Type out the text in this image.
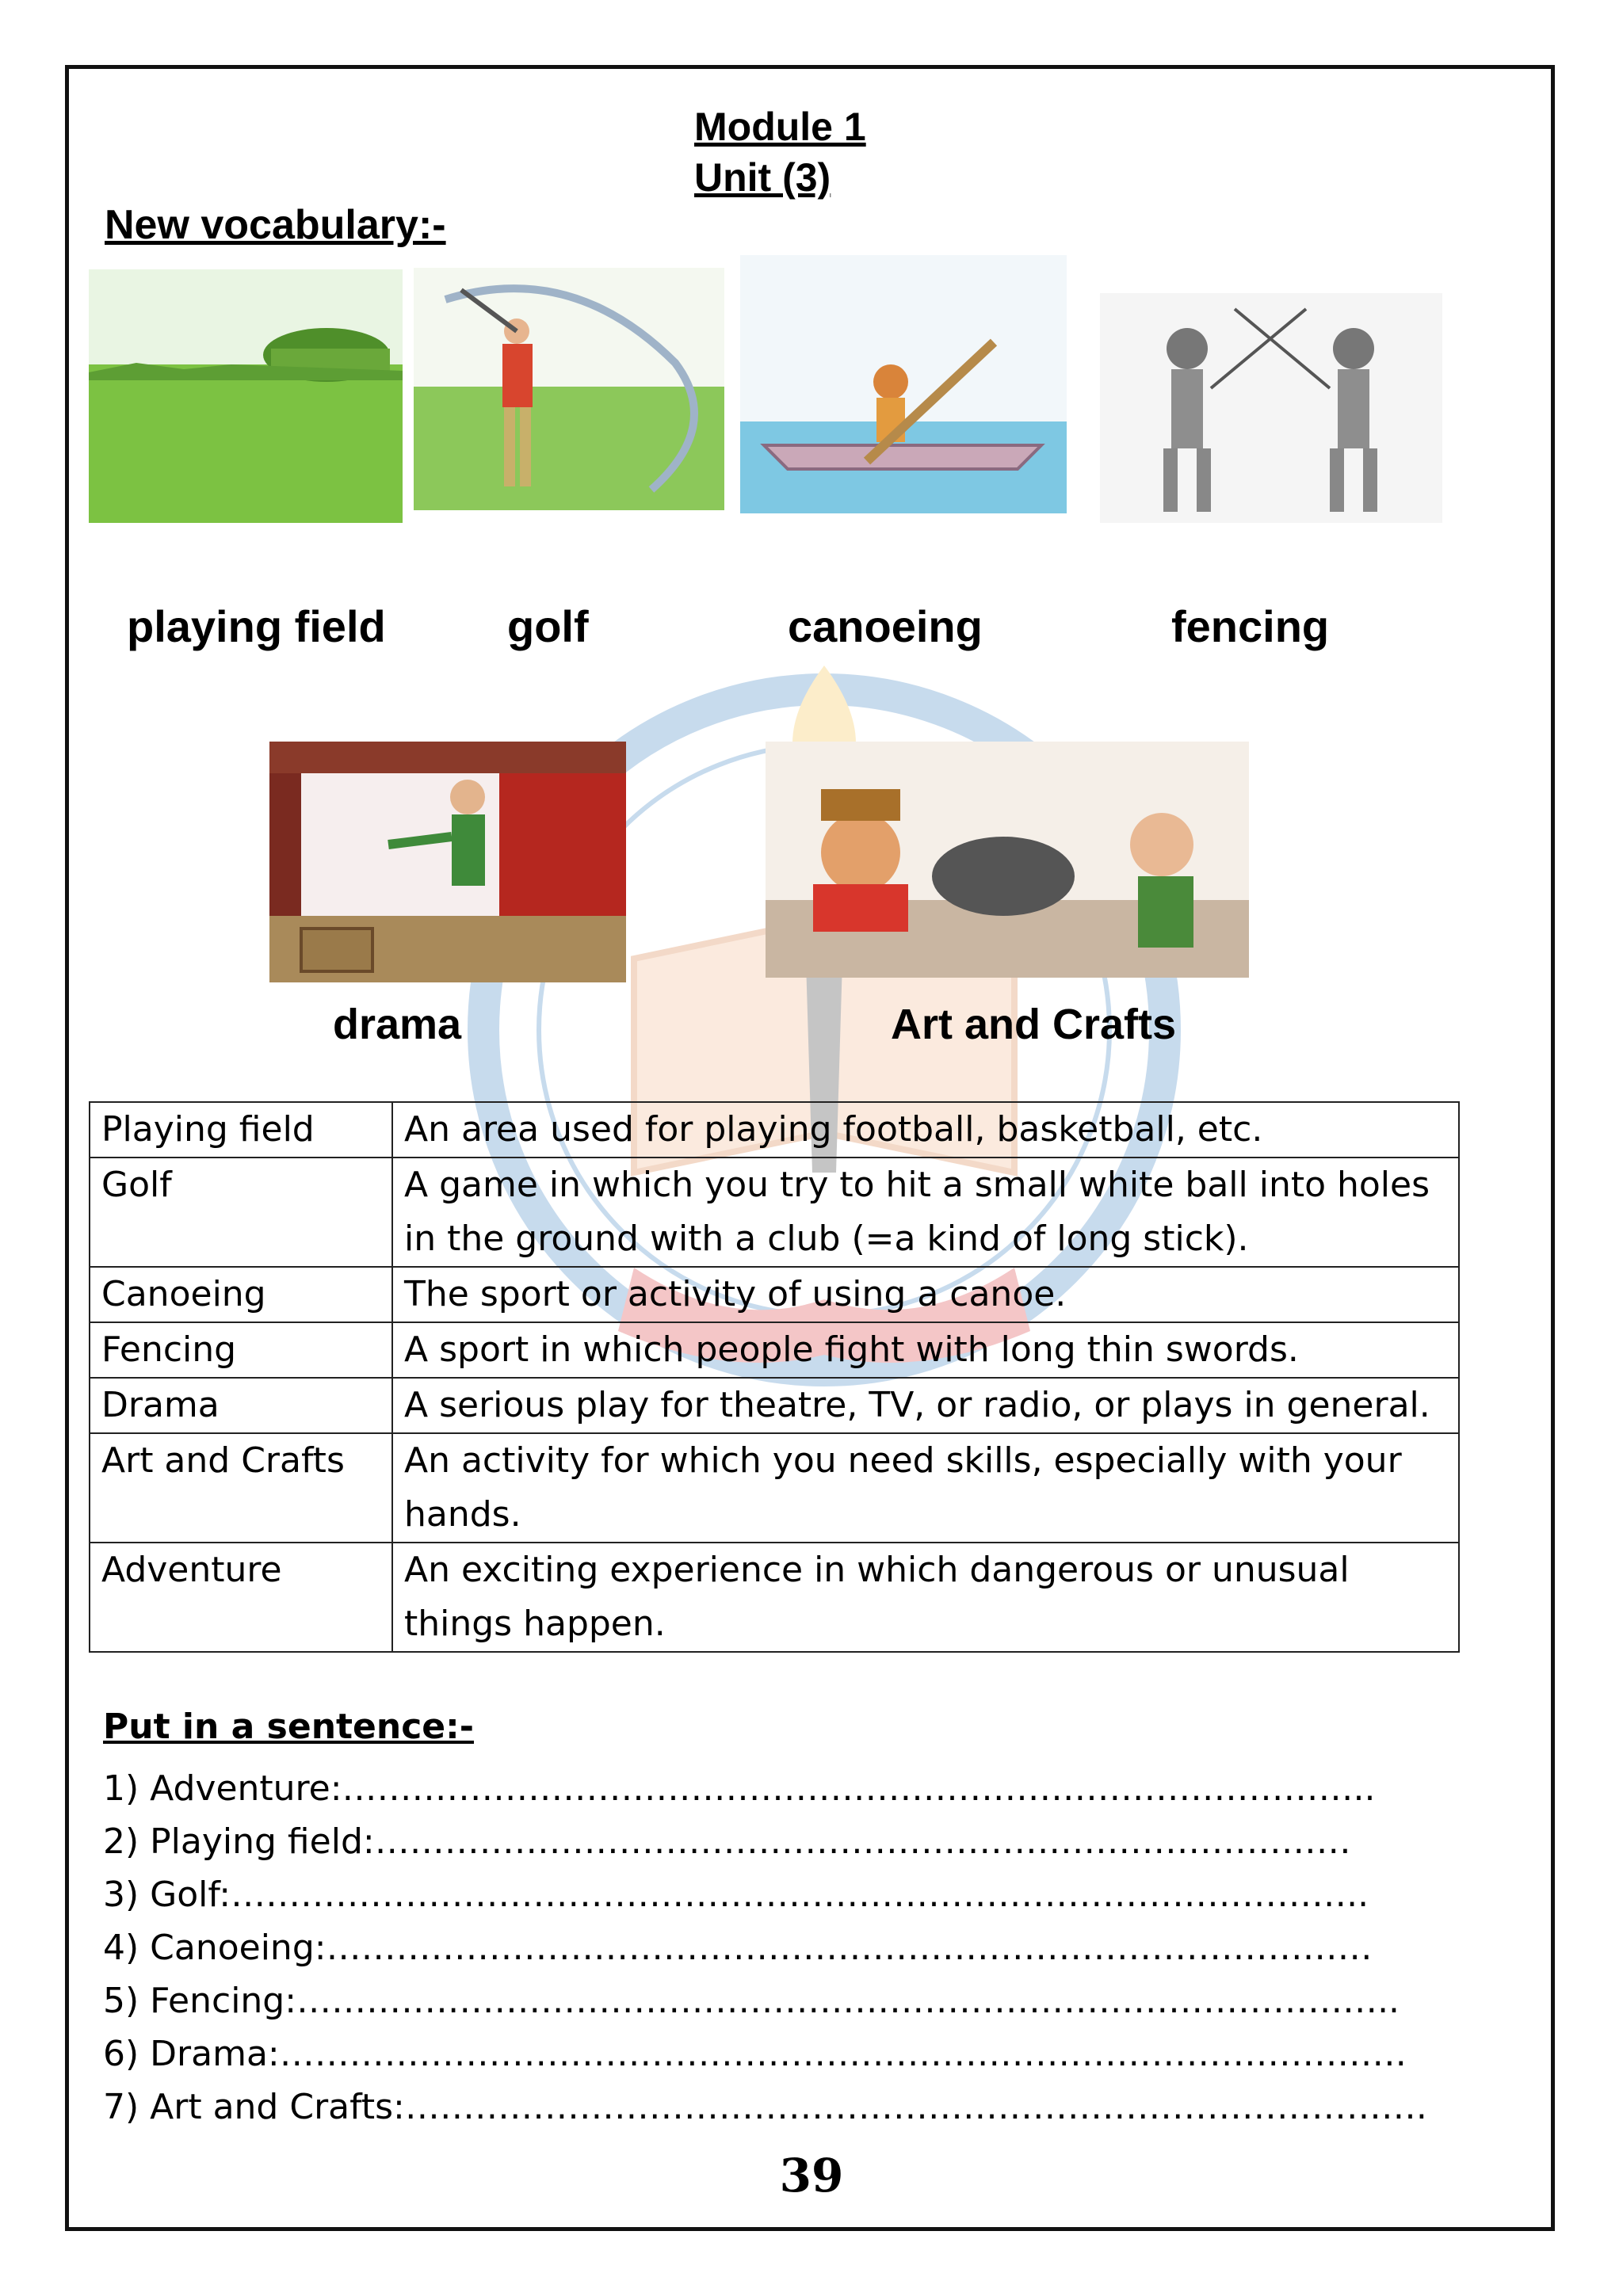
Module 1
Unit (3)
New vocabulary:-
playing field	golf	canoeing	fencing
drama	Art and Crafts
Playing field	An area used for playing football, basketball, etc.
Golf	A game in which you try to hit a small white ball into holes in the ground with a club (=a kind of long stick).
Canoeing	The sport or activity of using a canoe.
Fencing	A sport in which people fight with long thin swords.
Drama	A serious play for theatre, TV, or radio, or plays in general.
Art and Crafts	An activity for which you need skills, especially with your hands.
Adventure	An exciting experience in which dangerous or unusual things happen.
Put in a sentence:-
1) Adventure:……………………………………………………………………………..
2) Playing field:…………………………………………………………………………
3) Golf:……………………………………………………………………………………..
4) Canoeing:………………………………………………………………………………
5) Fencing:…………………………………………………………………………………..
6) Drama:…………………………………………………………………………………….
7) Art and Crafts:…………………………………………………………………………….
39
